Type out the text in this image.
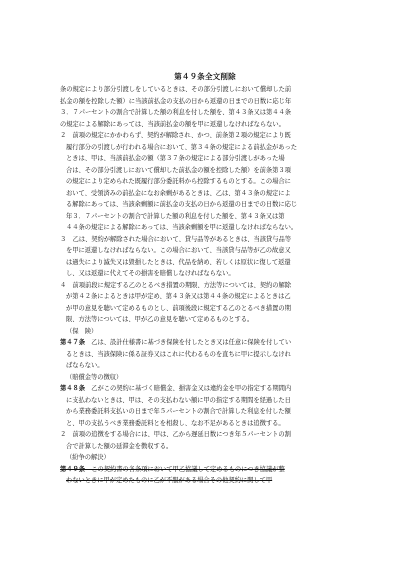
第４９条全文削除
条の規定により部分引渡しをしているときは、その部分引渡しにおいて償却した前
払金の額を控除した額）に当該前払金の支払の日から返還の日までの日数に応じ年
３．７パーセントの割合で計算した額の利息を付した額を、第４３条又は第４４条
の規定による解除にあっては、当該前払金の額を甲に返還しなければならない。
２　前項の規定にかかわらず、契約が解除され、かつ、前条第２項の規定により既
履行部分の引渡しが行われる場合において、第３４条の規定による前払金があった
ときは、甲は、当該前払金の額（第３７条の規定による部分引渡しがあった場
合は、その部分引渡しにおいて償却した前払金の額を控除した額）を前条第３項
の規定により定められた既履行部分委託料から控除するものとする。この場合に
おいて、受領済みの前払金になお余剰があるときは、乙は、第４３条の規定によ
る解除にあっては、当該余剰額に前払金の支払の日から返還の日までの日数に応じ
年３．７パーセントの割合で計算した額の利息を付した額を、第４３条又は第
４４条の規定による解除にあっては、当該余剰額を甲に返還しなければならない。
３　乙は、契約が解除された場合において、貸与品等があるときは、当該貸与品等
を甲に返還しなければならない。この場合において、当該貸与品等が乙の故意又
は過失により滅失又は毀損したときは、代品を納め、若しくは原状に復して返還
し、又は返還に代えてその損害を賠償しなければならない。
４　前項前段に規定する乙のとるべき措置の期限、方法等については、契約の解除
が第４２条によるときは甲が定め、第４３条又は第４４条の規定によるときは乙
が甲の意見を聴いて定めるものとし、前項後段に規定する乙のとるべき措置の期
限、方法等については、甲が乙の意見を聴いて定めるものとする。
（保　険）
第４７条　乙は、設計仕様書に基づき保険を付したとき又は任意に保険を付してい
るときは、当該保険に係る証券又はこれに代わるものを直ちに甲に提示しなけれ
ばならない。
（賠償金等の徴収）
第４８条　乙がこの契約に基づく賠償金、損害金又は違約金を甲の指定する期間内
に支払わないときは、甲は、その支払わない額に甲の指定する期間を経過した日
から業務委託料支払いの日まで年５パーセントの割合で計算した利息を付した額
と、甲の支払うべき業務委託料とを相殺し、なお不足があるときは追徴する。
２　前項の追徴をする場合には、甲は、乙から遅延日数につき年５パーセントの割
合で計算した額の延滞金を徴収する。
（紛争の解決）
第４９条　この契約書の各条項において甲乙協議して定めるものにつき協議が整
わないときに甲が定めたものに乙が不服がある場合その他契約に関して甲
